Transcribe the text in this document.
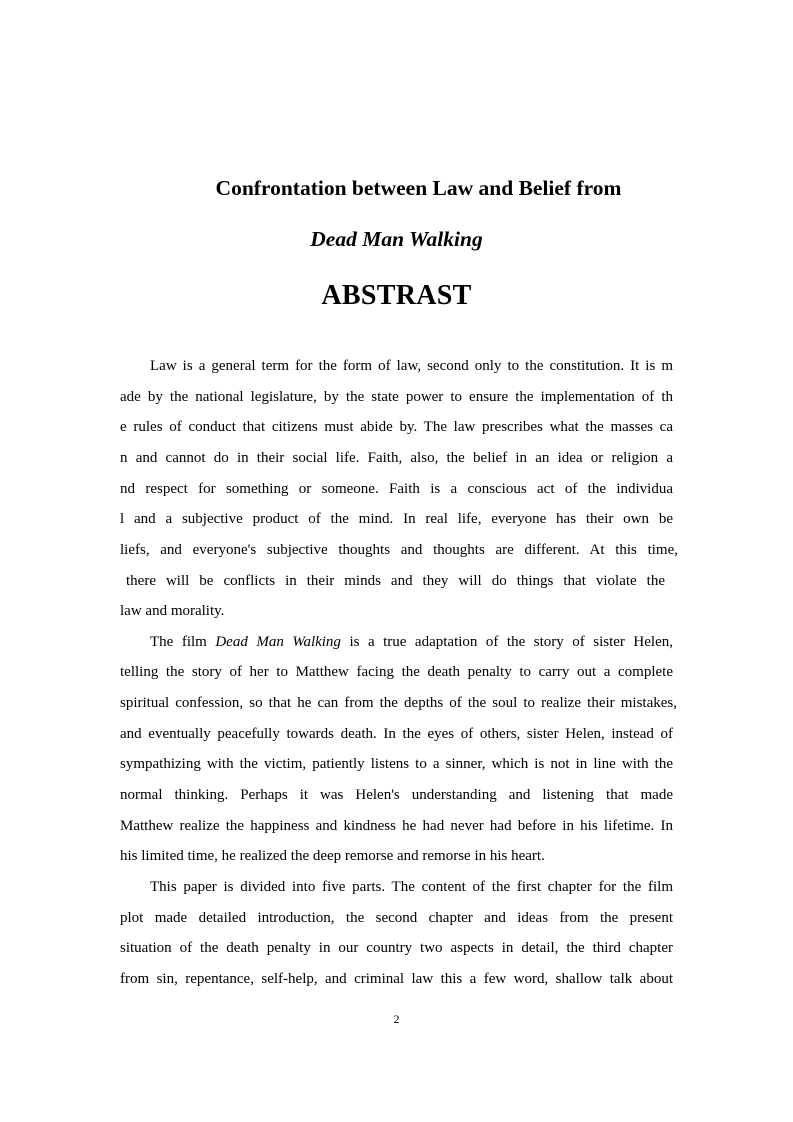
Confrontation between Law and Belief from
Dead Man Walking
ABSTRAST
Law is a general term for the form of law, second only to the constitution. It is m
ade by the national legislature, by the state power to ensure the implementation of th
e rules of conduct that citizens must abide by. The law prescribes what the masses ca
n and cannot do in their social life. Faith, also, the belief in an idea or religion a
nd respect for something or someone. Faith is a conscious act of the individua
l and a subjective product of the mind. In real life, everyone has their own be
liefs, and everyone's subjective thoughts and thoughts are different. At this time,
there will be conflicts in their minds and they will do things that violate the
law and morality.
The film Dead Man Walking is a true adaptation of the story of sister Helen,
telling the story of her to Matthew facing the death penalty to carry out a complete
spiritual confession, so that he can from the depths of the soul to realize their mistakes,
and eventually peacefully towards death. In the eyes of others, sister Helen, instead of
sympathizing with the victim, patiently listens to a sinner, which is not in line with the
normal thinking. Perhaps it was Helen's understanding and listening that made
Matthew realize the happiness and kindness he had never had before in his lifetime. In
his limited time, he realized the deep remorse and remorse in his heart.
This paper is divided into five parts. The content of the first chapter for the film
plot made detailed introduction, the second chapter and ideas from the present
situation of the death penalty in our country two aspects in detail, the third chapter
from sin, repentance, self-help, and criminal law this a few word, shallow talk about
2
